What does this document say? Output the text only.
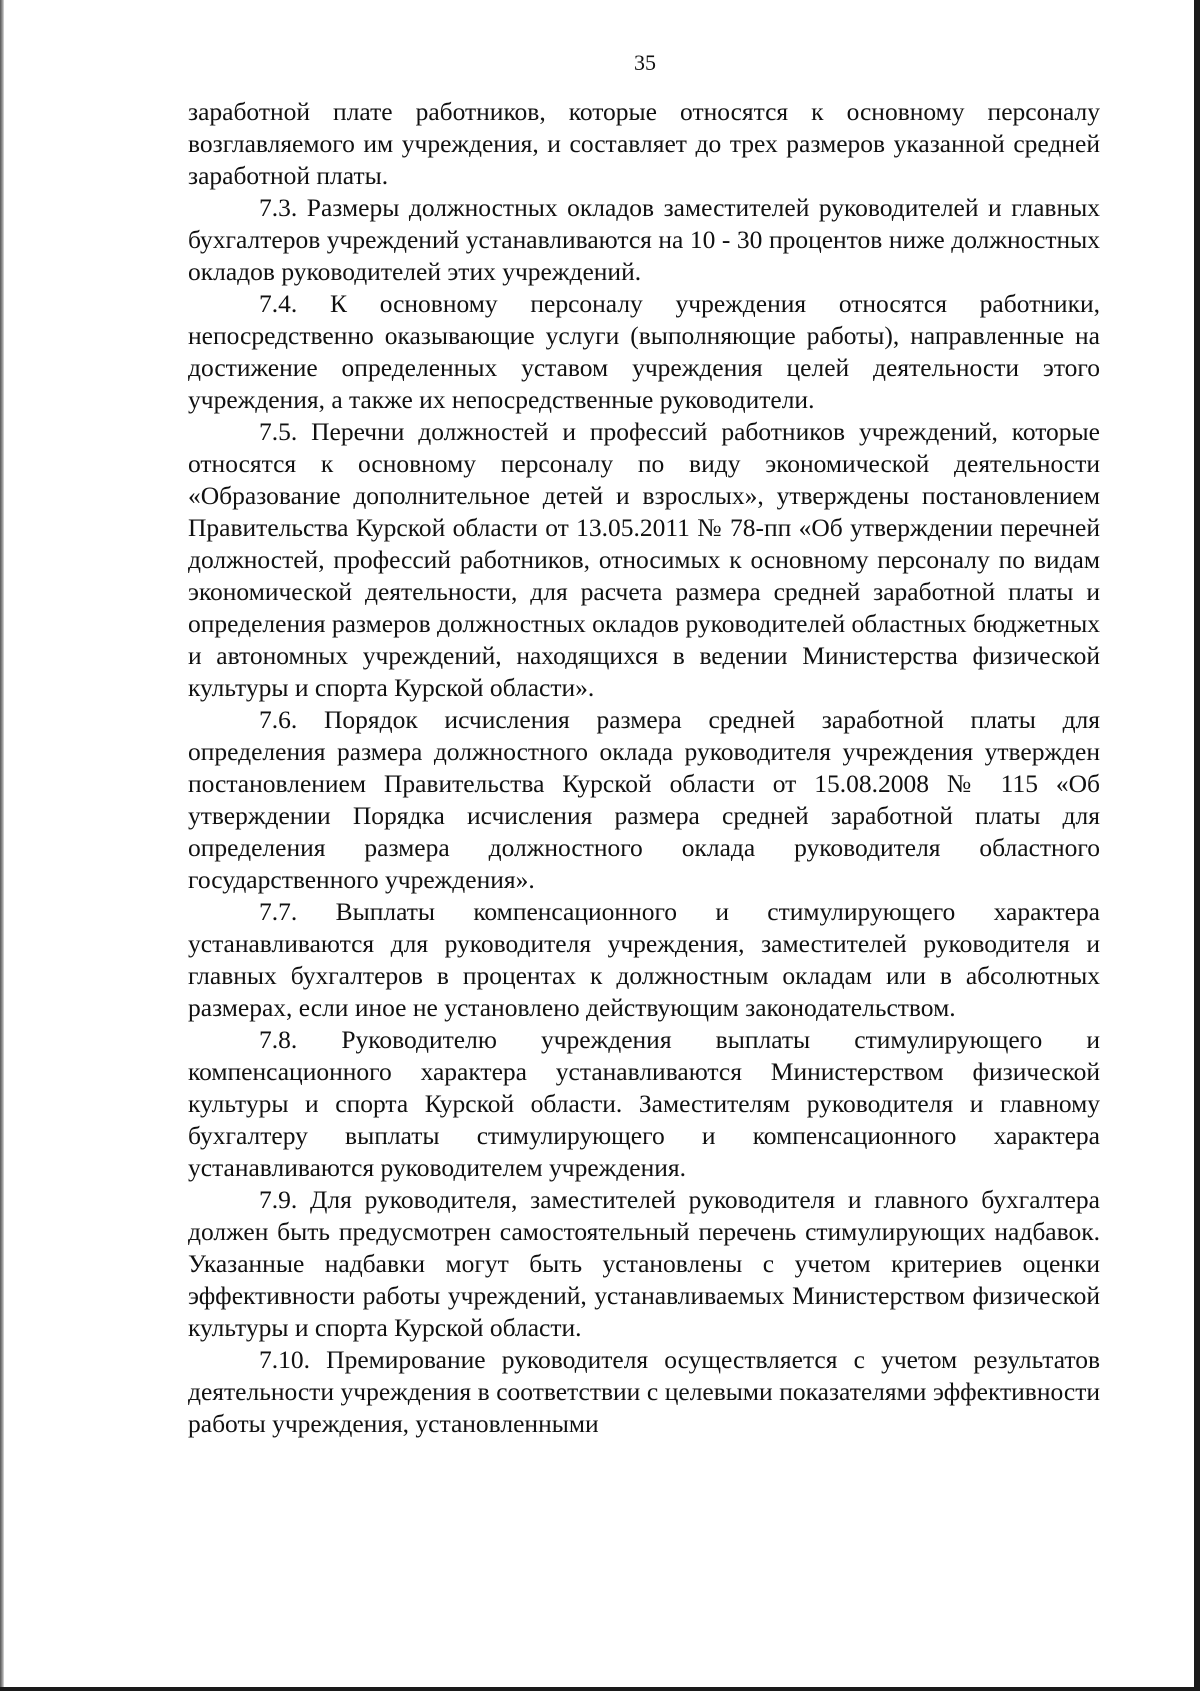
35

заработной плате работников, которые относятся к основному персоналу возглавляемого им учреждения, и составляет до трех размеров указанной средней заработной платы.

7.3. Размеры должностных окладов заместителей руководителей и главных бухгалтеров учреждений устанавливаются на 10 - 30 процентов ниже должностных окладов руководителей этих учреждений.

7.4. К основному персоналу учреждения относятся работники, непосредственно оказывающие услуги (выполняющие работы), направленные на достижение определенных уставом учреждения целей деятельности этого учреждения, а также их непосредственные руководители.

7.5. Перечни должностей и профессий работников учреждений, которые относятся к основному персоналу по виду экономической деятельности «Образование дополнительное детей и взрослых», утверждены постановлением Правительства Курской области от 13.05.2011 № 78-пп «Об утверждении перечней должностей, профессий работников, относимых к основному персоналу по видам экономической деятельности, для расчета размера средней заработной платы и определения размеров должностных окладов руководителей областных бюджетных и автономных учреждений, находящихся в ведении Министерства физической культуры и спорта Курской области».

7.6. Порядок исчисления размера средней заработной платы для определения размера должностного оклада руководителя учреждения утвержден постановлением Правительства Курской области от 15.08.2008 № 115 «Об утверждении Порядка исчисления размера средней заработной платы для определения размера должностного оклада руководителя областного государственного учреждения».

7.7. Выплаты компенсационного и стимулирующего характера устанавливаются для руководителя учреждения, заместителей руководителя и главных бухгалтеров в процентах к должностным окладам или в абсолютных размерах, если иное не установлено действующим законодательством.

7.8. Руководителю учреждения выплаты стимулирующего и компенсационного характера устанавливаются Министерством физической культуры и спорта Курской области. Заместителям руководителя и главному бухгалтеру выплаты стимулирующего и компенсационного характера устанавливаются руководителем учреждения.

7.9. Для руководителя, заместителей руководителя и главного бухгалтера должен быть предусмотрен самостоятельный перечень стимулирующих надбавок. Указанные надбавки могут быть установлены с учетом критериев оценки эффективности работы учреждений, устанавливаемых Министерством физической культуры и спорта Курской области.

7.10. Премирование руководителя осуществляется с учетом результатов деятельности учреждения в соответствии с целевыми показателями эффективности работы учреждения, установленными
